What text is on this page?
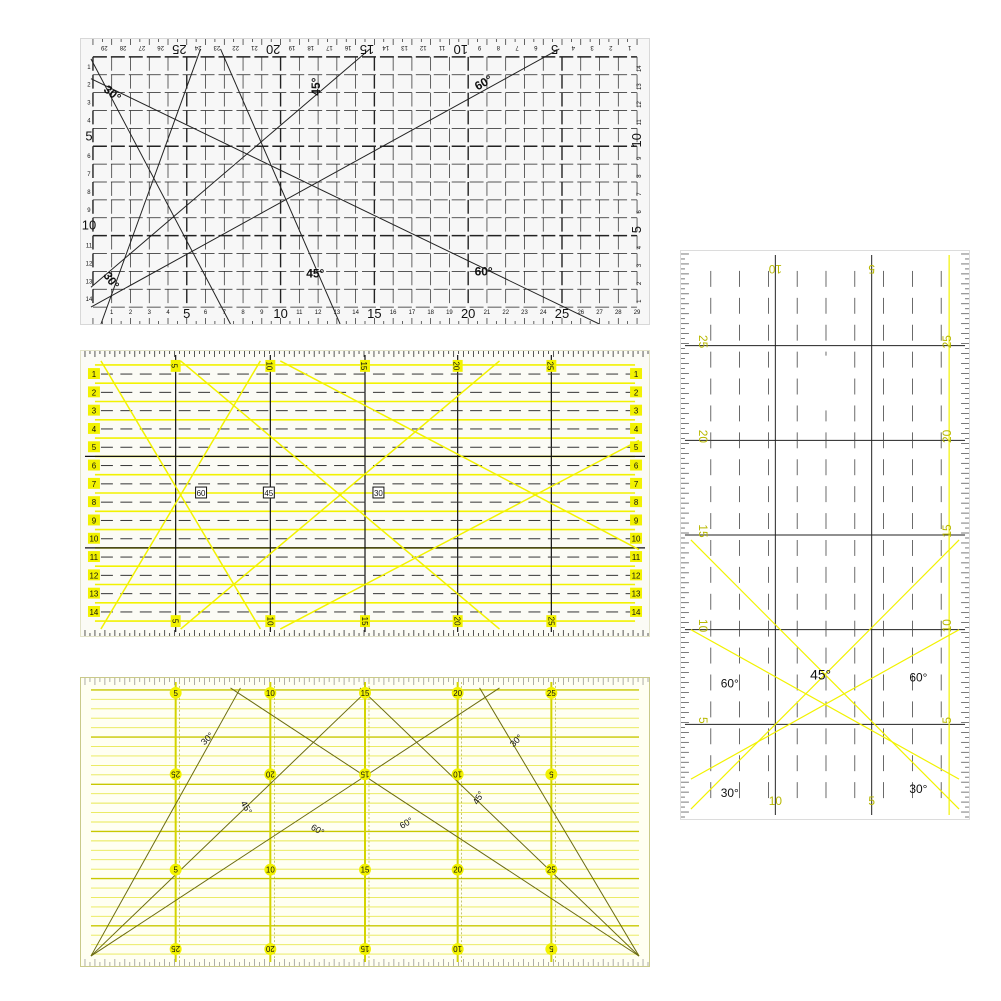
29 28 27 26 25 24 23 22 21 20 19 18 17 16 15 14 13 12 11 10 9	8	7	6 5 4	3	2	1
1	2	3	4 5 6	7	8	9 10 11 12 13 14 15 16 17 18 19 20 21 22 23 24 25 26 27 28 29
1
2
3
4
5
6
7
8
9
10
11
12
13
14
14
13
12
11
10
9
8
7
6
5
4
3
2
1
30°	45°	60°
30°	45°	60°
5	10	15	20	25
5	10	15	20	25
1	1
2	2
3	3
4	4
5	5
6	6
7	7
8	8
9	9
10	10
11	11
12	12
13	13
14	14
60	45	30
5	10	15	20	25
25	20	15	10	5
5	10	15	20	25
25	20	15	10	5
30°
45°
60°	60°
45°
30°
10	5
10	5
25
20
15
10
5
25
20
15
10
5
60°
45°	60°
30°	30°
